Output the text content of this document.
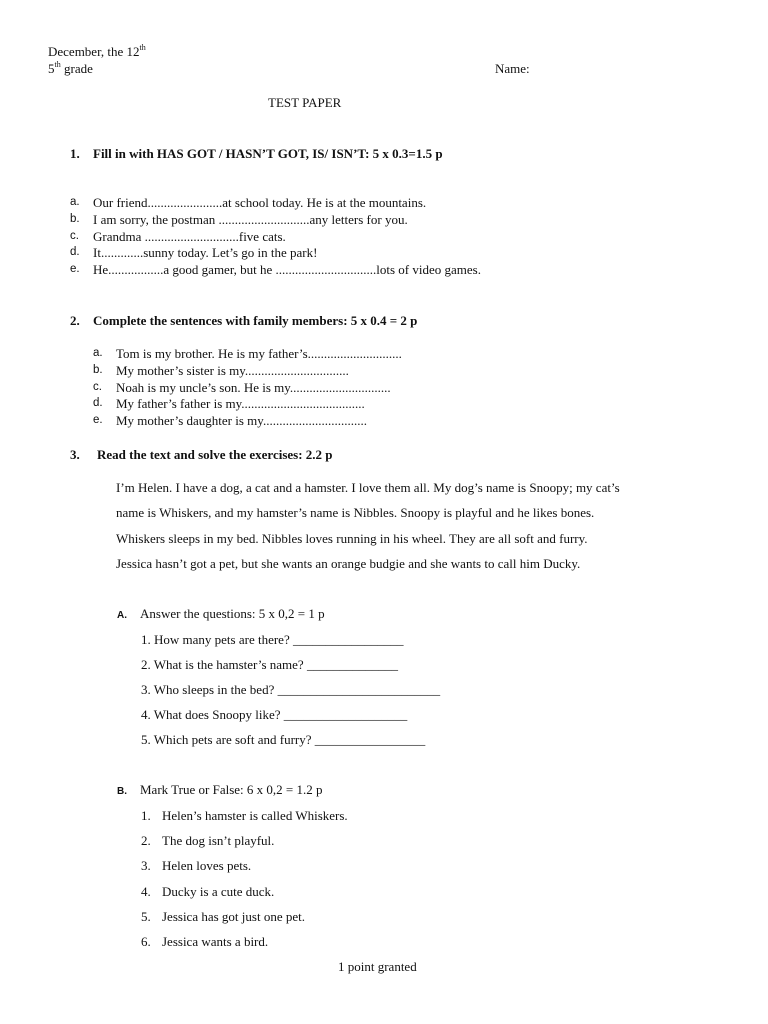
December, the 12th
5th grade	Name:
TEST PAPER
1. Fill in with HAS GOT / HASN’T GOT, IS/ ISN’T: 5 x 0.3=1.5 p
a. Our friend.......................at school today. He is at the mountains.
b. I am sorry, the postman ............................any letters for you.
c. Grandma .............................five cats.
d. It.............sunny today. Let’s go in the park!
e. He.................a good gamer, but he ...............................lots of video games.
2. Complete the sentences with family members: 5 x 0.4 = 2 p
a. Tom is my brother. He is my father’s.............................
b. My mother’s sister is my................................
c. Noah is my uncle’s son. He is my...............................
d. My father’s father is my......................................
e. My mother’s daughter is my................................
3. Read the text and solve the exercises: 2.2 p
I’m Helen. I have a dog, a cat and a hamster. I love them all. My dog’s name is Snoopy; my cat’s
name is Whiskers, and my hamster’s name is Nibbles. Snoopy is playful and he likes bones.
Whiskers sleeps in my bed. Nibbles loves running in his wheel. They are all soft and furry.
Jessica hasn’t got a pet, but she wants an orange budgie and she wants to call him Ducky.
A. Answer the questions: 5 x 0,2 = 1 p
1. How many pets are there? _________________
2. What is the hamster’s name? ______________
3. Who sleeps in the bed? _________________________
4. What does Snoopy like? ___________________
5. Which pets are soft and furry? _________________
B. Mark True or False: 6 x 0,2 = 1.2 p
1. Helen’s hamster is called Whiskers.
2. The dog isn’t playful.
3. Helen loves pets.
4. Ducky is a cute duck.
5. Jessica has got just one pet.
6. Jessica wants a bird.
1 point granted
